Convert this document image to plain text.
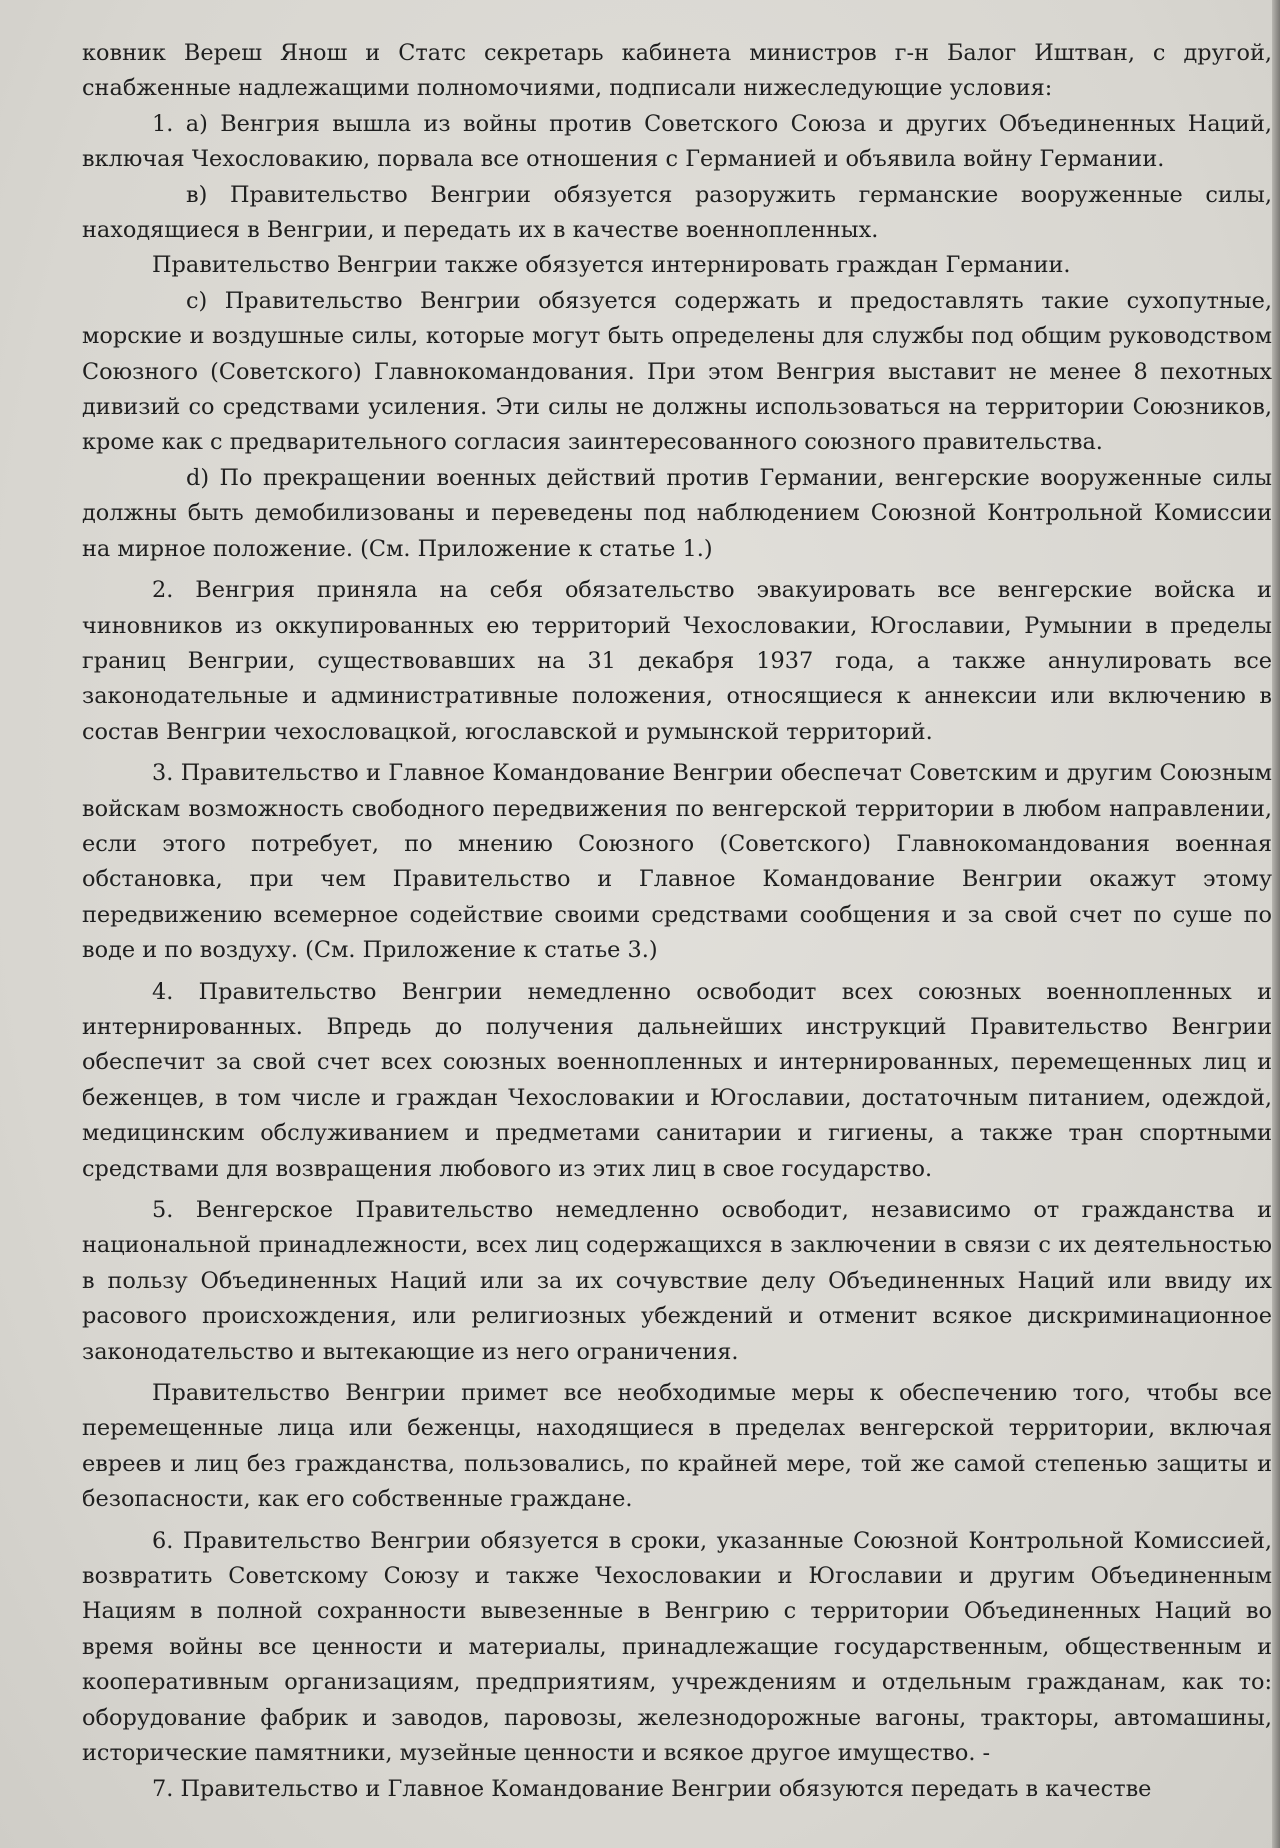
ковник Вереш Янош и Статс секретарь кабинета министров г-н Балог Иштван, с другой, снабженные надлежащими полномочиями, подписали нижеследующие условия:

1. а) Венгрия вышла из войны против Советского Союза и других Объединенных Наций, включая Чехословакию, порвала все отношения с Германией и объявила войну Германии.

в) Правительство Венгрии обязуется разоружить германские вооруженные силы, находящиеся в Венгрии, и передать их в качестве военнопленных.

Правительство Венгрии также обязуется интернировать граждан Германии.

с) Правительство Венгрии обязуется содержать и предоставлять такие сухопутные, морские и воздушные силы, которые могут быть определены для службы под общим руководством Союзного (Советского) Главнокомандования. При этом Венгрия выставит не менее 8 пехотных дивизий со средствами усиления. Эти силы не должны использоваться на территории Союзников, кроме как с предварительного согласия заинтересованного союзного правительства.

d) По прекращении военных действий против Германии, венгерские вооруженные силы должны быть демобилизованы и переведены под наблюдением Союзной Контрольной Комиссии на мирное положение. (См. Приложение к статье 1.)

2. Венгрия приняла на себя обязательство эвакуировать все венгерские войска и чиновников из оккупированных ею территорий Чехословакии, Югославии, Румынии в пределы границ Венгрии, существовавших на 31 декабря 1937 года, а также аннулировать все законодательные и административные положения, относящиеся к аннексии или включению в состав Венгрии чехословацкой, югославской и румынской территорий.

3. Правительство и Главное Командование Венгрии обеспечат Советским и другим Союзным войскам возможность свободного передвижения по венгерской территории в любом направлении, если этого потребует, по мнению Союзного (Советского) Главнокомандования военная обстановка, при чем Правительство и Главное Командование Венгрии окажут этому передвижению всемерное содействие своими средствами сообщения и за свой счет по суше по воде и по воздуху. (См. Приложение к статье 3.)

4. Правительство Венгрии немедленно освободит всех союзных военнопленных и интернированных. Впредь до получения дальнейших инструкций Правительство Венгрии обеспечит за свой счет всех союзных военнопленных и интернированных, перемещенных лиц и беженцев, в том числе и граждан Чехословакии и Югославии, достаточным питанием, одеждой, медицинским обслуживанием и предметами санитарии и гигиены, а также тран спортными средствами для возвращения любового из этих лиц в свое государство.

5. Венгерское Правительство немедленно освободит, независимо от гражданства и национальной принадлежности, всех лиц содержащихся в заключении в связи с их деятельностью в пользу Объединенных Наций или за их сочувствие делу Объединенных Наций или ввиду их расового происхождения, или религиозных убеждений и отменит всякое дискриминационное законодательство и вытекающие из него ограничения.

Правительство Венгрии примет все необходимые меры к обеспечению того, чтобы все перемещенные лица или беженцы, находящиеся в пределах венгерской территории, включая евреев и лиц без гражданства, пользовались, по крайней мере, той же самой степенью защиты и безопасности, как его собственные граждане.

6. Правительство Венгрии обязуется в сроки, указанные Союзной Контрольной Комиссией, возвратить Советскому Союзу и также Чехословакии и Югославии и другим Объединенным Нациям в полной сохранности вывезенные в Венгрию с территории Объединенных Наций во время войны все ценности и материалы, принадлежащие государственным, общественным и кооперативным организациям, предприятиям, учреждениям и отдельным гражданам, как то: оборудование фабрик и заводов, паровозы, железнодорожные вагоны, тракторы, автомашины, исторические памятники, музейные ценности и всякое другое имущество. -

7. Правительство и Главное Командование Венгрии обязуются передать в качестве
